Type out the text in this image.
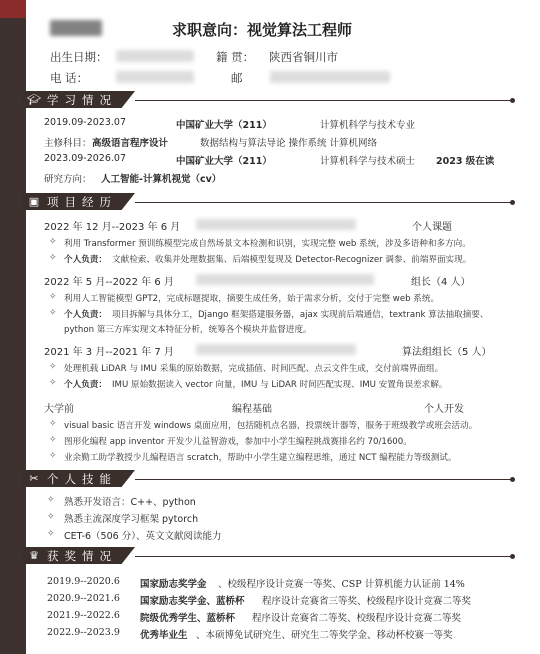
求职意向：视觉算法工程师
出生日期：	籍 贯： 陕西省铜川市
电 话：	邮
🎓︎ 学习情况
2019.09-2023.07	中国矿业大学（211）	计算机科学与技术专业
主修科目： 高级语言程序设计	数据结构与算法导论 操作系统 计算机网络
2023.09-2026.07	中国矿业大学（211）	计算机科学与技术硕士 2023 级在读
研究方向： 人工智能-计算机视觉（cv）
▣ 项目经历
2022 年 12 月--2023 年 6 月	个人课题
✧ 利用 Transformer 预训练模型完成自然场景文本检测和识别，实现完整 web 系统，涉及多语种和多方向。
✧ 个人负责： 文献检索、收集并处理数据集、后端模型复现及 Detector-Recognizer 调参、前端界面实现。
2022 年 5 月--2022 年 6 月	组长（4 人）
✧ 利用人工智能模型 GPT2，完成标题提取，摘要生成任务，始于需求分析，交付于完整 web 系统。
✧ 个人负责： 项目拆解与具体分工，Django 框架搭建服务器，ajax 实现前后端通信，textrank 算法抽取摘要、
python 第三方库实现文本特征分析，统筹各个模块并监督进度。
2021 年 3 月--2021 年 7 月	算法组组长（5 人）
✧ 处理机载 LiDAR 与 IMU 采集的原始数据，完成插值、时间匹配、点云文件生成，交付前端界面组。
✧ 个人负责： IMU 原始数据读入 vector 向量，IMU 与 LiDAR 时间匹配实现、IMU 安置角误差求解。
大学前	编程基础	个人开发
✧ visual basic 语言开发 windows 桌面应用，包括随机点名器，投票统计器等，服务于班级教学或班会活动。
✧ 图形化编程 app inventor 开发少儿益智游戏，参加中小学生编程挑战赛排名约 70/1600。
✧ 业余勤工助学教授少儿编程语言 scratch，帮助中小学生建立编程思维，通过 NCT 编程能力等级测试。
✂ 个人技能
✧ 熟悉开发语言：C++、python
✧ 熟悉主流深度学习框架 pytorch
✧ CET-6（506 分）、英文文献阅读能力
♛ 获奖情况
2019.9--2020.6 国家励志奖学金 、校级程序设计竞赛一等奖、CSP 计算机能力认证前 14%
2020.9--2021.6 国家励志奖学金、蓝桥杯 程序设计竞赛省三等奖、校级程序设计竞赛二等奖
2021.9--2022.6 院级优秀学生、蓝桥杯 程序设计竞赛省二等奖、校级程序设计竞赛二等奖
2022.9--2023.9 优秀毕业生 、本硕博免试研究生、研究生二等奖学金、移动杯校赛一等奖
